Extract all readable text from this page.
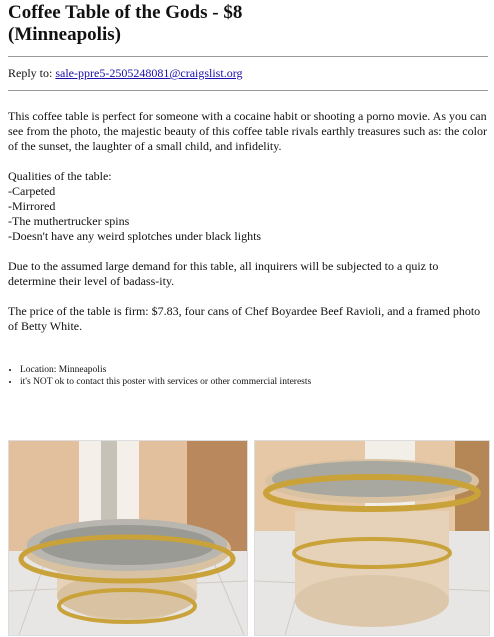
Coffee Table of the Gods - $8
(Minneapolis)
Reply to: sale-ppre5-2505248081@craigslist.org

This coffee table is perfect for someone with a cocaine habit or shooting a porno movie. As you can see from the photo, the majestic beauty of this coffee table rivals earthly treasures such as: the color of the sunset, the laughter of a small child, and infidelity.

Qualities of the table:

-Carpeted

-Mirrored

-The muthertrucker spins

-Doesn't have any weird splotches under black lights

Due to the assumed large demand for this table, all inquirers will be subjected to a quiz to determine their level of badass-ity.

The price of the table is firm: $7.83, four cans of Chef Boyardee Beef Ravioli, and a framed photo of Betty White.

• Location: Minneapolis
• it's NOT ok to contact this poster with services or other commercial interests
